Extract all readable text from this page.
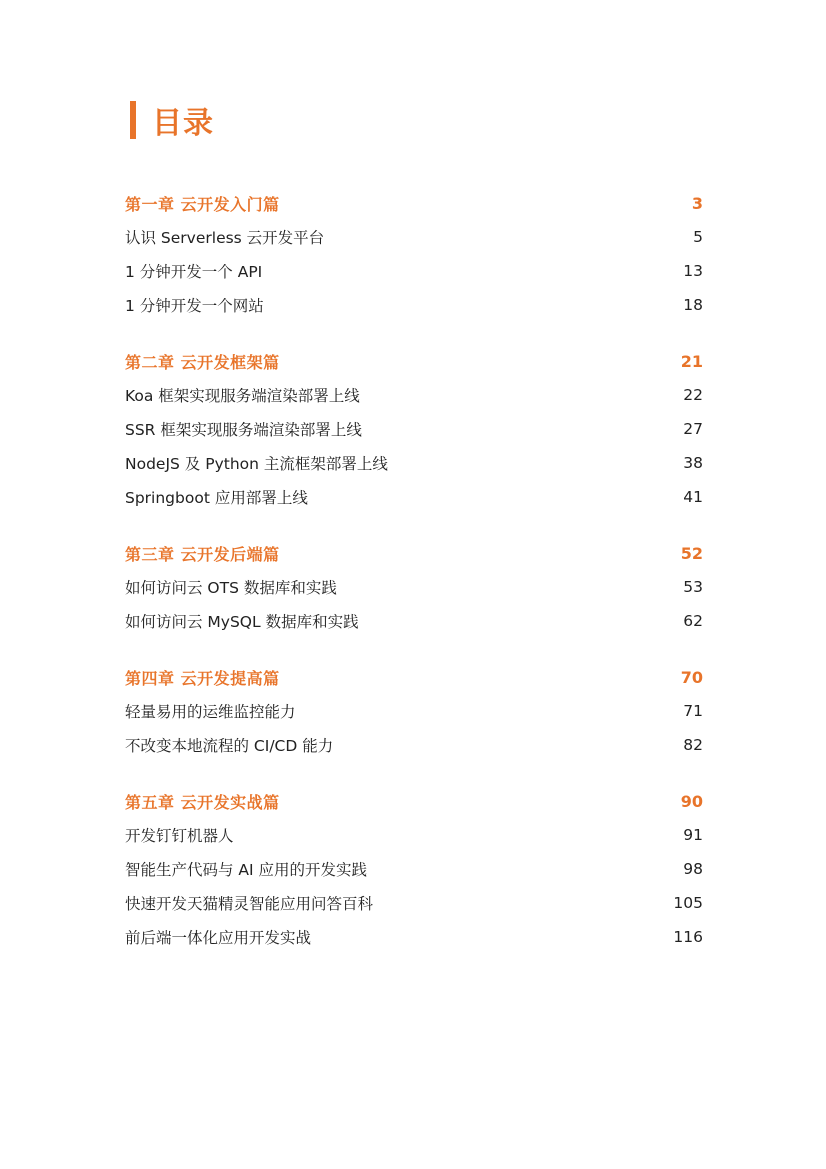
目录
第一章 云开发入门篇	3
认识 Serverless 云开发平台	5
1 分钟开发一个 API	13
1 分钟开发一个网站	18
第二章 云开发框架篇	21
Koa 框架实现服务端渲染部署上线	22
SSR 框架实现服务端渲染部署上线	27
NodeJS 及 Python 主流框架部署上线	38
Springboot 应用部署上线	41
第三章 云开发后端篇	52
如何访问云 OTS 数据库和实践	53
如何访问云 MySQL 数据库和实践	62
第四章 云开发提高篇	70
轻量易用的运维监控能力	71
不改变本地流程的 CI/CD 能力	82
第五章 云开发实战篇	90
开发钉钉机器人	91
智能生产代码与 AI 应用的开发实践	98
快速开发天猫精灵智能应用问答百科	105
前后端一体化应用开发实战	116
